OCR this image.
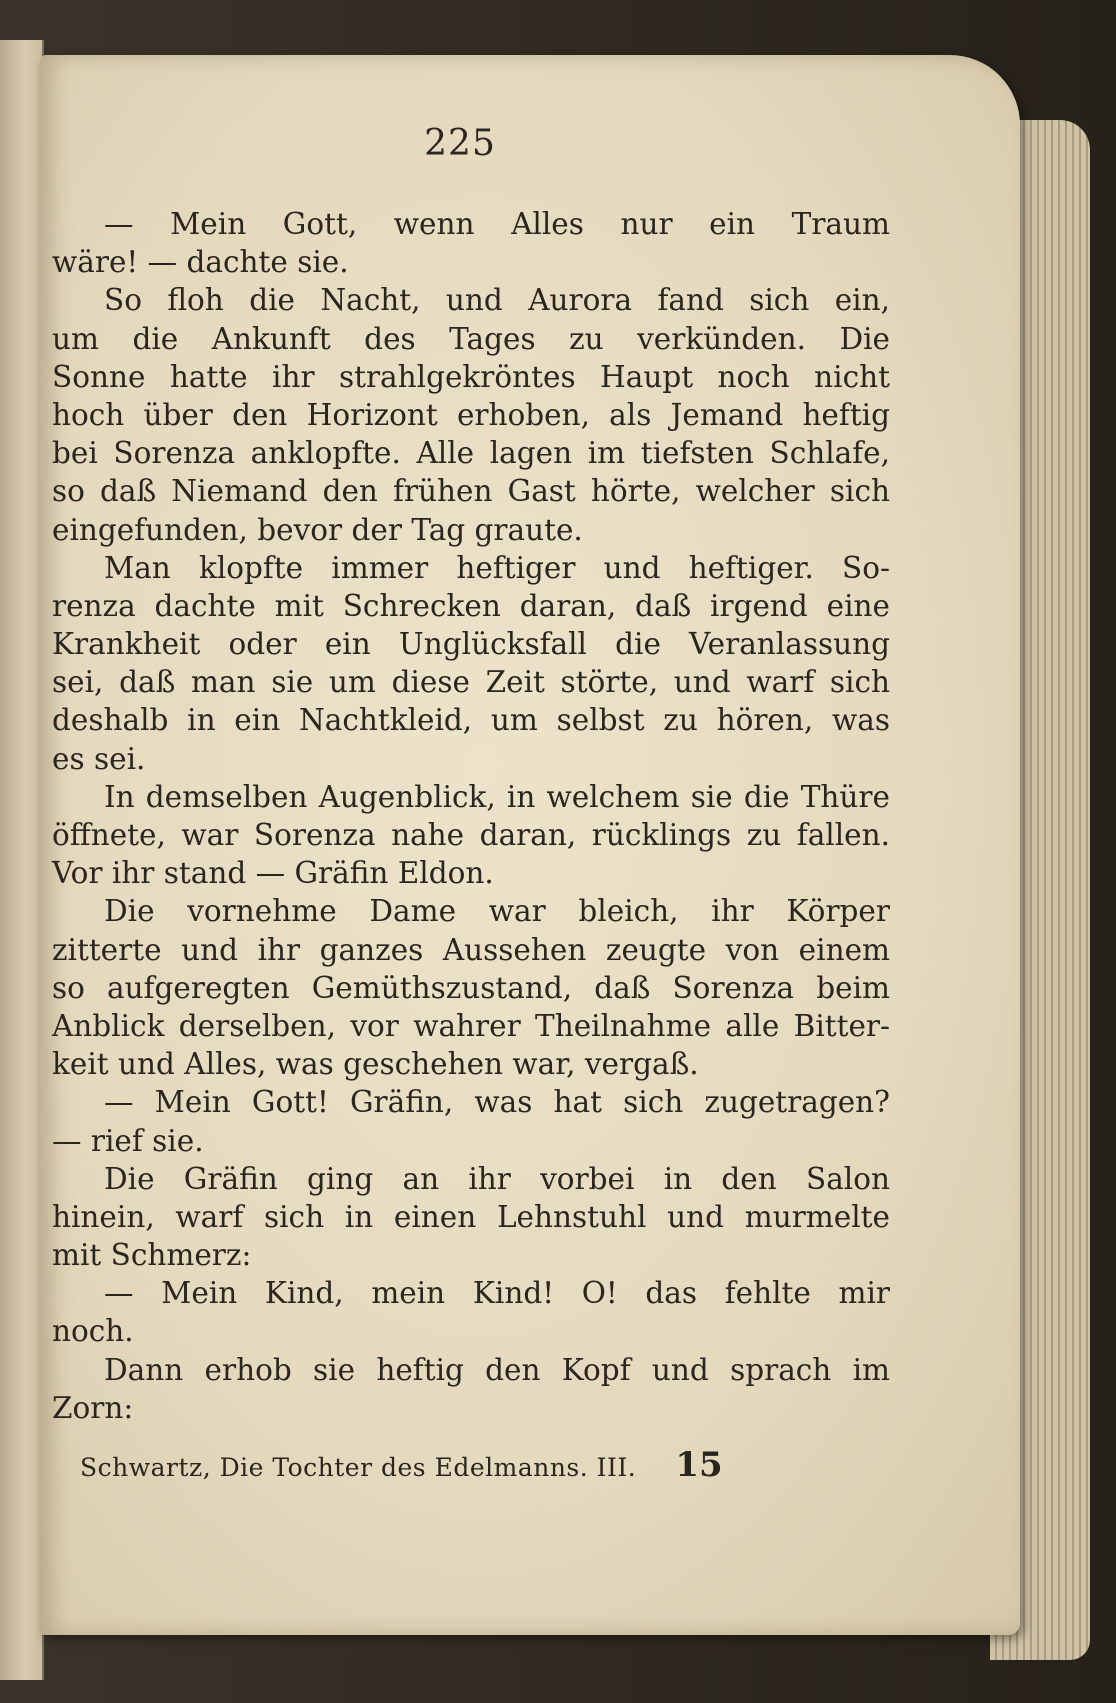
225
— Mein Gott, wenn Alles nur ein Traum
wäre! — dachte sie.
So floh die Nacht, und Aurora fand sich ein,
um die Ankunft des Tages zu verkünden. Die
Sonne hatte ihr strahlgekröntes Haupt noch nicht
hoch über den Horizont erhoben, als Jemand heftig
bei Sorenza anklopfte. Alle lagen im tiefsten Schlafe,
so daß Niemand den frühen Gast hörte, welcher sich
eingefunden, bevor der Tag graute.
Man klopfte immer heftiger und heftiger. So-
renza dachte mit Schrecken daran, daß irgend eine
Krankheit oder ein Unglücksfall die Veranlassung
sei, daß man sie um diese Zeit störte, und warf sich
deshalb in ein Nachtkleid, um selbst zu hören, was
es sei.
In demselben Augenblick, in welchem sie die Thüre
öffnete, war Sorenza nahe daran, rücklings zu fallen.
Vor ihr stand — Gräfin Eldon.
Die vornehme Dame war bleich, ihr Körper
zitterte und ihr ganzes Aussehen zeugte von einem
so aufgeregten Gemüthszustand, daß Sorenza beim
Anblick derselben, vor wahrer Theilnahme alle Bitter-
keit und Alles, was geschehen war, vergaß.
— Mein Gott! Gräfin, was hat sich zugetragen?
— rief sie.
Die Gräfin ging an ihr vorbei in den Salon
hinein, warf sich in einen Lehnstuhl und murmelte
mit Schmerz:
— Mein Kind, mein Kind! O! das fehlte mir
noch.
Dann erhob sie heftig den Kopf und sprach im
Zorn:
Schwartz, Die Tochter des Edelmanns. III. 15
